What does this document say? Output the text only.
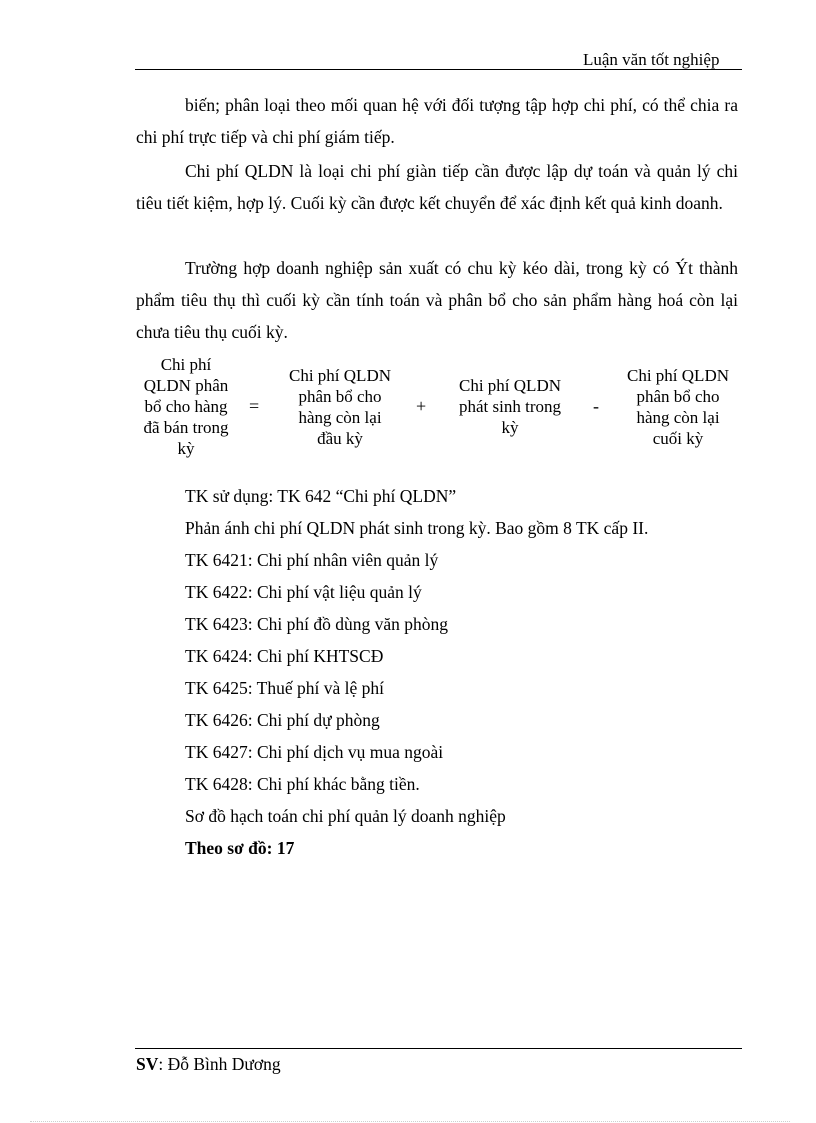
Luận văn tốt nghiệp

biến; phân loại theo mối quan hệ với đối tượng tập hợp chi phí, có thể chia ra chi phí trực tiếp và chi phí giám tiếp.

Chi phí QLDN là loại chi phí giàn tiếp cần được lập dự toán và quản lý chi tiêu tiết kiệm, hợp lý. Cuối kỳ cần được kết chuyển để xác định kết quả kinh doanh.

Trường hợp doanh nghiệp sản xuất có chu kỳ kéo dài, trong kỳ có Ýt thành phẩm tiêu thụ thì cuối kỳ cần tính toán và phân bổ cho sản phẩm hàng hoá còn lại chưa tiêu thụ cuối kỳ.

Chi phí
QLDN phân
bổ cho hàng
đã bán trong
kỳ
=
Chi phí QLDN
phân bổ cho
hàng còn lại
đầu kỳ
+
Chi phí QLDN
phát sinh trong
kỳ
-
Chi phí QLDN
phân bổ cho
hàng còn lại
cuối kỳ
TK sử dụng: TK 642 “Chi phí QLDN”
Phản ánh chi phí QLDN phát sinh trong kỳ. Bao gồm 8 TK cấp II.
TK 6421: Chi phí nhân viên quản lý
TK 6422: Chi phí vật liệu quản lý
TK 6423: Chi phí đồ dùng văn phòng
TK 6424: Chi phí KHTSCĐ
TK 6425: Thuế phí và lệ phí
TK 6426: Chi phí dự phòng
TK 6427: Chi phí dịch vụ mua ngoài
TK 6428: Chi phí khác bằng tiền.
Sơ đồ hạch toán chi phí quản lý doanh nghiệp
Theo sơ đồ: 17
SV: Đỗ Bình Dương
